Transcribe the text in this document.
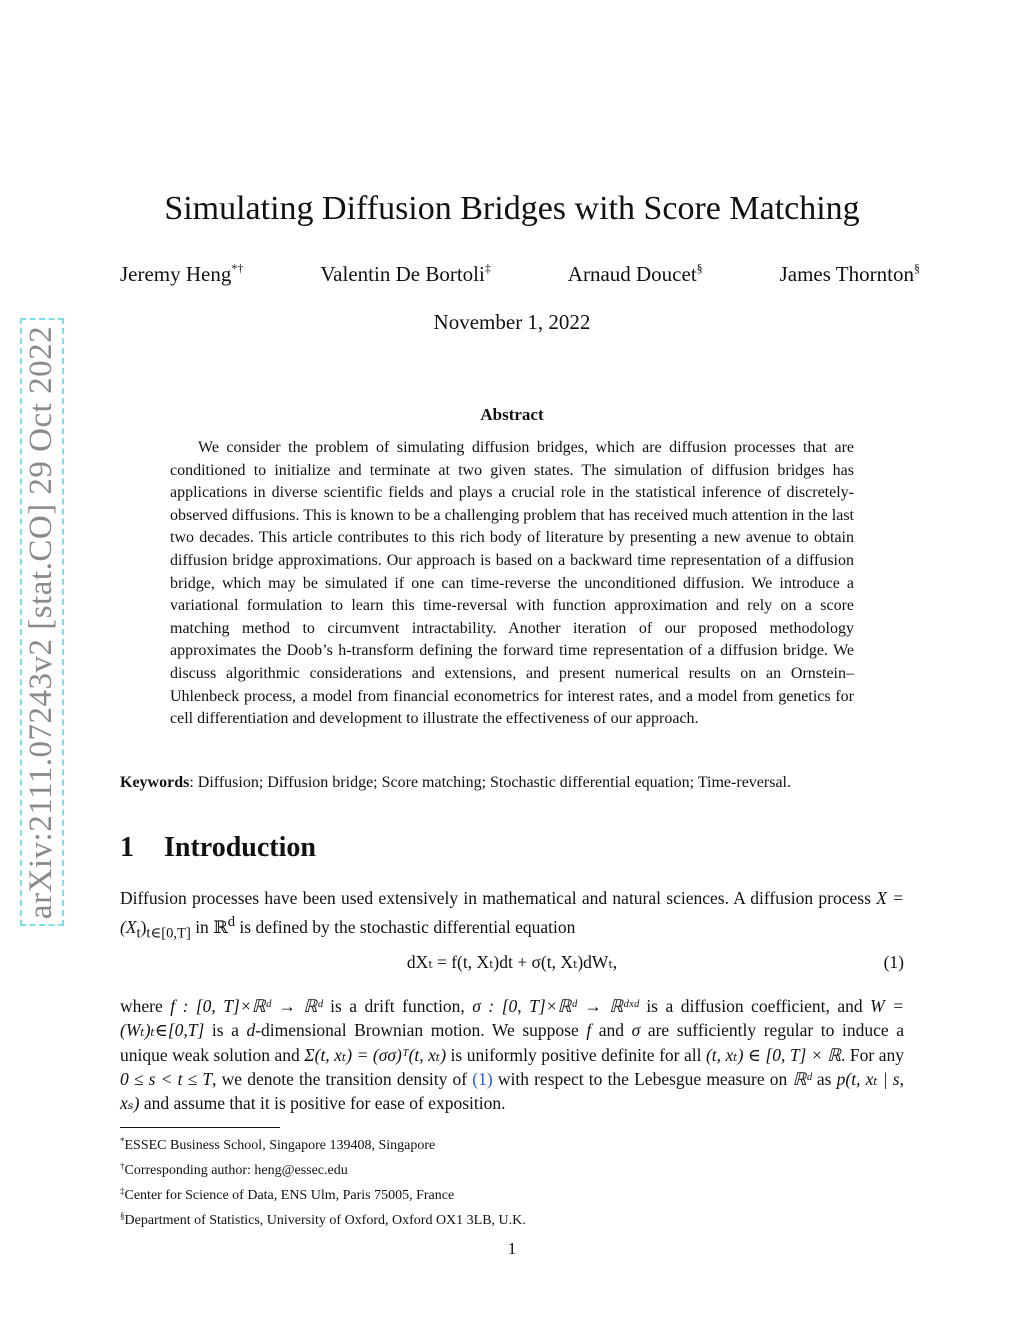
arXiv:2111.07243v2 [stat.CO] 29 Oct 2022
Simulating Diffusion Bridges with Score Matching
Jeremy Heng*†	Valentin De Bortoli‡	Arnaud Doucet§	James Thornton§
November 1, 2022
Abstract
We consider the problem of simulating diffusion bridges, which are diffusion processes that are conditioned to initialize and terminate at two given states. The simulation of diffusion bridges has applications in diverse scientific fields and plays a crucial role in the statistical inference of discretely-observed diffusions. This is known to be a challenging problem that has received much attention in the last two decades. This article contributes to this rich body of literature by presenting a new avenue to obtain diffusion bridge approximations. Our approach is based on a backward time representation of a diffusion bridge, which may be simulated if one can time-reverse the unconditioned diffusion. We introduce a variational formulation to learn this time-reversal with function approximation and rely on a score matching method to circumvent intractability. Another iteration of our proposed methodology approximates the Doob’s h-transform defining the forward time representation of a diffusion bridge. We discuss algorithmic considerations and extensions, and present numerical results on an Ornstein–Uhlenbeck process, a model from financial econometrics for interest rates, and a model from genetics for cell differentiation and development to illustrate the effectiveness of our approach.
Keywords: Diffusion; Diffusion bridge; Score matching; Stochastic differential equation; Time-reversal.
1 Introduction
Diffusion processes have been used extensively in mathematical and natural sciences. A diffusion process $X = (X_t)_{t\in[0,T]}$ in ℝ$^d$ is defined by the stochastic differential equation
dXₜ = f(t, Xₜ)dt + σ(t, Xₜ)dWₜ,	(1)
where f : [0, T]×ℝᵈ → ℝᵈ is a drift function, σ : [0, T]×ℝᵈ → ℝᵈˣᵈ is a diffusion coefficient, and W = (Wₜ)ₜ∈[0,T] is a d-dimensional Brownian motion. We suppose f and σ are sufficiently regular to induce a unique weak solution and Σ(t, xₜ) = (σσ)ᵀ(t, xₜ) is uniformly positive definite for all (t, xₜ) ∈ [0, T] × ℝ. For any 0 ≤ s < t ≤ T, we denote the transition density of (1) with respect to the Lebesgue measure on ℝᵈ as p(t, xₜ | s, xₛ) and assume that it is positive for ease of exposition.
*ESSEC Business School, Singapore 139408, Singapore
†Corresponding author: heng@essec.edu
‡Center for Science of Data, ENS Ulm, Paris 75005, France
§Department of Statistics, University of Oxford, Oxford OX1 3LB, U.K.
1
